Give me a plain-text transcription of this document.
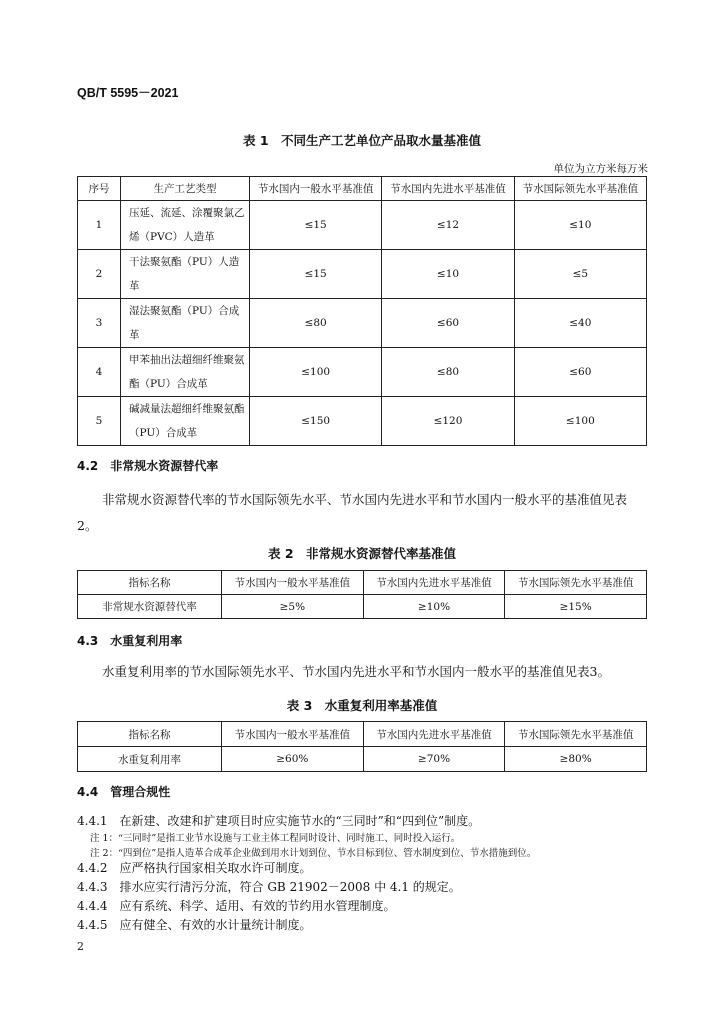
QB/T 5595－2021
表 1　不同生产工艺单位产品取水量基准值
单位为立方米每万米
序号	生产工艺类型	节水国内一般水平基准值	节水国内先进水平基准值	节水国际领先水平基准值
1	压延、流延、涂覆聚氯乙烯（PVC）人造革	≤15	≤12	≤10
2	干法聚氨酯（PU）人造革	≤15	≤10	≤5
3	湿法聚氨酯（PU）合成革	≤80	≤60	≤40
4	甲苯抽出法超细纤维聚氨酯（PU）合成革	≤100	≤80	≤60
5	碱减量法超细纤维聚氨酯（PU）合成革	≤150	≤120	≤100
4.2　非常规水资源替代率
非常规水资源替代率的节水国际领先水平、节水国内先进水平和节水国内一般水平的基准值见表2。
表 2　非常规水资源替代率基准值
指标名称	节水国内一般水平基准值	节水国内先进水平基准值	节水国际领先水平基准值
非常规水资源替代率	≥5%	≥10%	≥15%
4.3　水重复利用率
水重复利用率的节水国际领先水平、节水国内先进水平和节水国内一般水平的基准值见表3。
表 3　水重复利用率基准值
指标名称	节水国内一般水平基准值	节水国内先进水平基准值	节水国际领先水平基准值
水重复利用率	≥60%	≥70%	≥80%
4.4　管理合规性
4.4.1　在新建、改建和扩建项目时应实施节水的“三同时”和“四到位”制度。
注 1：“三同时”是指工业节水设施与工业主体工程同时设计、同时施工、同时投入运行。
注 2：“四到位”是指人造革合成革企业做到用水计划到位、节水目标到位、管水制度到位、节水措施到位。
4.4.2　应严格执行国家相关取水许可制度。
4.4.3　排水应实行清污分流，符合 GB 21902－2008 中 4.1 的规定。
4.4.4　应有系统、科学、适用、有效的节约用水管理制度。
4.4.5　应有健全、有效的水计量统计制度。
2
